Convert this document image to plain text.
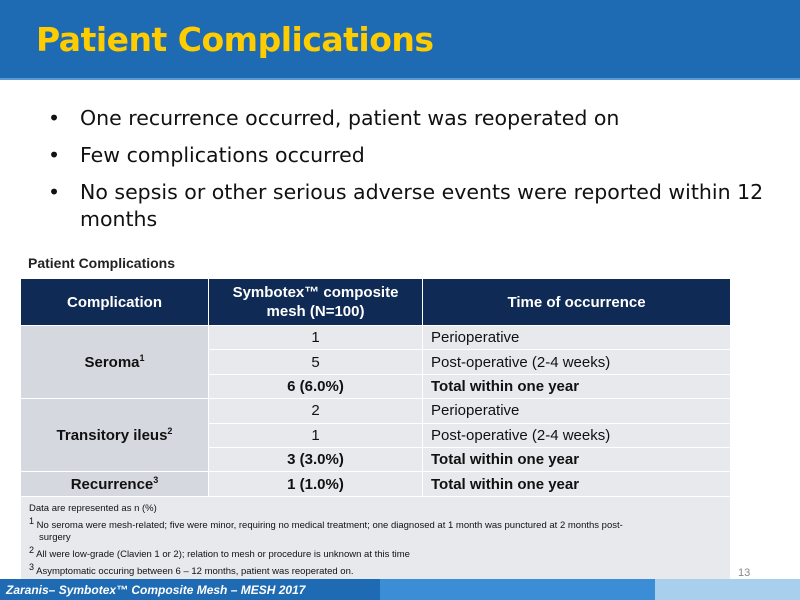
Patient Complications
• One recurrence occurred, patient was reoperated on
• Few complications occurred
• No sepsis or other serious adverse events were reported within 12 months
Patient Complications
Complication	Symbotex™ composite mesh (N=100)	Time of occurrence
Seroma$^1$	1	Perioperative
	5	Post-operative (2-4 weeks)
	6 (6.0%)	Total within one year
Transitory ileus$^2$	2	Perioperative
	1	Post-operative (2-4 weeks)
	3 (3.0%)	Total within one year
Recurrence$^3$	1 (1.0%)	Total within one year

Data are represented as n (%)

$^1$ No seroma were mesh-related; five were minor, requiring no medical treatment; one diagnosed at 1 month was punctured at 2 months post-
surgery

$^2$ All were low-grade (Clavien 1 or 2); relation to mesh or procedure is unknown at this time

$^3$ Asymptomatic occuring between 6 – 12 months, patient was reoperated on.			13
Zaranis– Symbotex™ Composite Mesh – MESH 2017
